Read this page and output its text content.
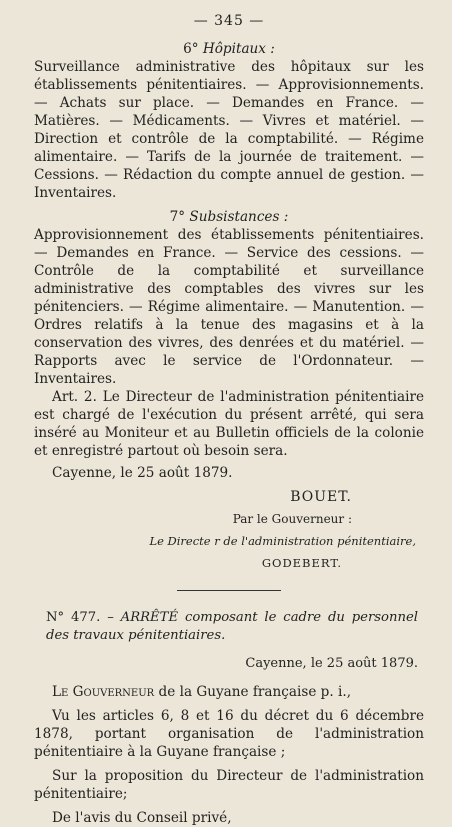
— 345 —

6° Hôpitaux :

Surveillance administrative des hôpitaux sur les établissements pénitentiaires. — Approvisionnements. — Achats sur place. — Demandes en France. — Matières. — Médicaments. — Vivres et matériel. — Direction et contrôle de la comptabilité. — Régime alimentaire. — Tarifs de la journée de traitement. — Cessions. — Rédaction du compte annuel de gestion. — Inventaires.

7° Subsistances :

Approvisionnement des établissements pénitentiaires. — Demandes en France. — Service des cessions. — Contrôle de la comptabilité et surveillance administrative des comptables des vivres sur les pénitenciers. — Régime alimentaire. — Manutention. — Ordres relatifs à la tenue des magasins et à la conservation des vivres, des denrées et du matériel. — Rapports avec le service de l'Ordonnateur. — Inventaires.

Art. 2. Le Directeur de l'administration pénitentiaire est chargé de l'exécution du présent arrêté, qui sera inséré au Moniteur et au Bulletin officiels de la colonie et enregistré partout où besoin sera.

Cayenne, le 25 août 1879.

BOUET.
Par le Gouverneur :
Le Directe r de l'administration pénitentiaire,
GODEBERT.

N° 477. – ARRÊTÉ composant le cadre du personnel des travaux pénitentiaires.

Cayenne, le 25 août 1879.

Le Gouverneur de la Guyane française p. i.,

Vu les articles 6, 8 et 16 du décret du 6 décembre 1878, portant organisation de l'administration pénitentiaire à la Guyane française ;

Sur la proposition du Directeur de l'administration pénitentiaire;

De l'avis du Conseil privé,
